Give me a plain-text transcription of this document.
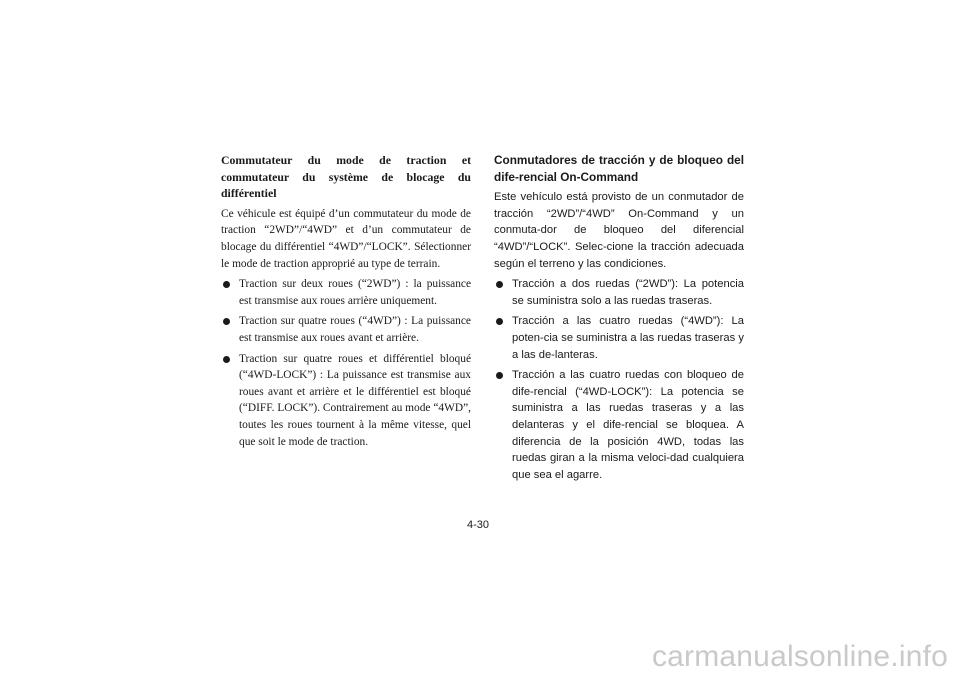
Commutateur du mode de traction et commutateur du système de blocage du différentiel

Ce véhicule est équipé d’un commutateur du mode de traction “2WD”/“4WD” et d’un commutateur de blocage du différentiel “4WD”/“LOCK”. Sélectionner le mode de traction approprié au type de terrain.

Traction sur deux roues (“2WD”) : la puissance est transmise aux roues arrière uniquement.
Traction sur quatre roues (“4WD”) : La puissance est transmise aux roues avant et arrière.
Traction sur quatre roues et différentiel bloqué (“4WD-LOCK”) : La puissance est transmise aux roues avant et arrière et le différentiel est bloqué (“DIFF. LOCK”). Contrairement au mode “4WD”, toutes les roues tournent à la même vitesse, quel que soit le mode de traction.
Conmutadores de tracción y de bloqueo del dife-rencial On-Command

Este vehículo está provisto de un conmutador de tracción “2WD”/“4WD” On-Command y un conmuta-dor de bloqueo del diferencial “4WD”/“LOCK”. Selec-cione la tracción adecuada según el terreno y las condiciones.

Tracción a dos ruedas (“2WD”): La potencia se suministra solo a las ruedas traseras.
Tracción a las cuatro ruedas (“4WD”): La poten-cia se suministra a las ruedas traseras y a las de-lanteras.
Tracción a las cuatro ruedas con bloqueo de dife-rencial (“4WD-LOCK”): La potencia se suministra a las ruedas traseras y a las delanteras y el dife-rencial se bloquea. A diferencia de la posición 4WD, todas las ruedas giran a la misma veloci-dad cualquiera que sea el agarre.
4-30
carmanualsonline.info
